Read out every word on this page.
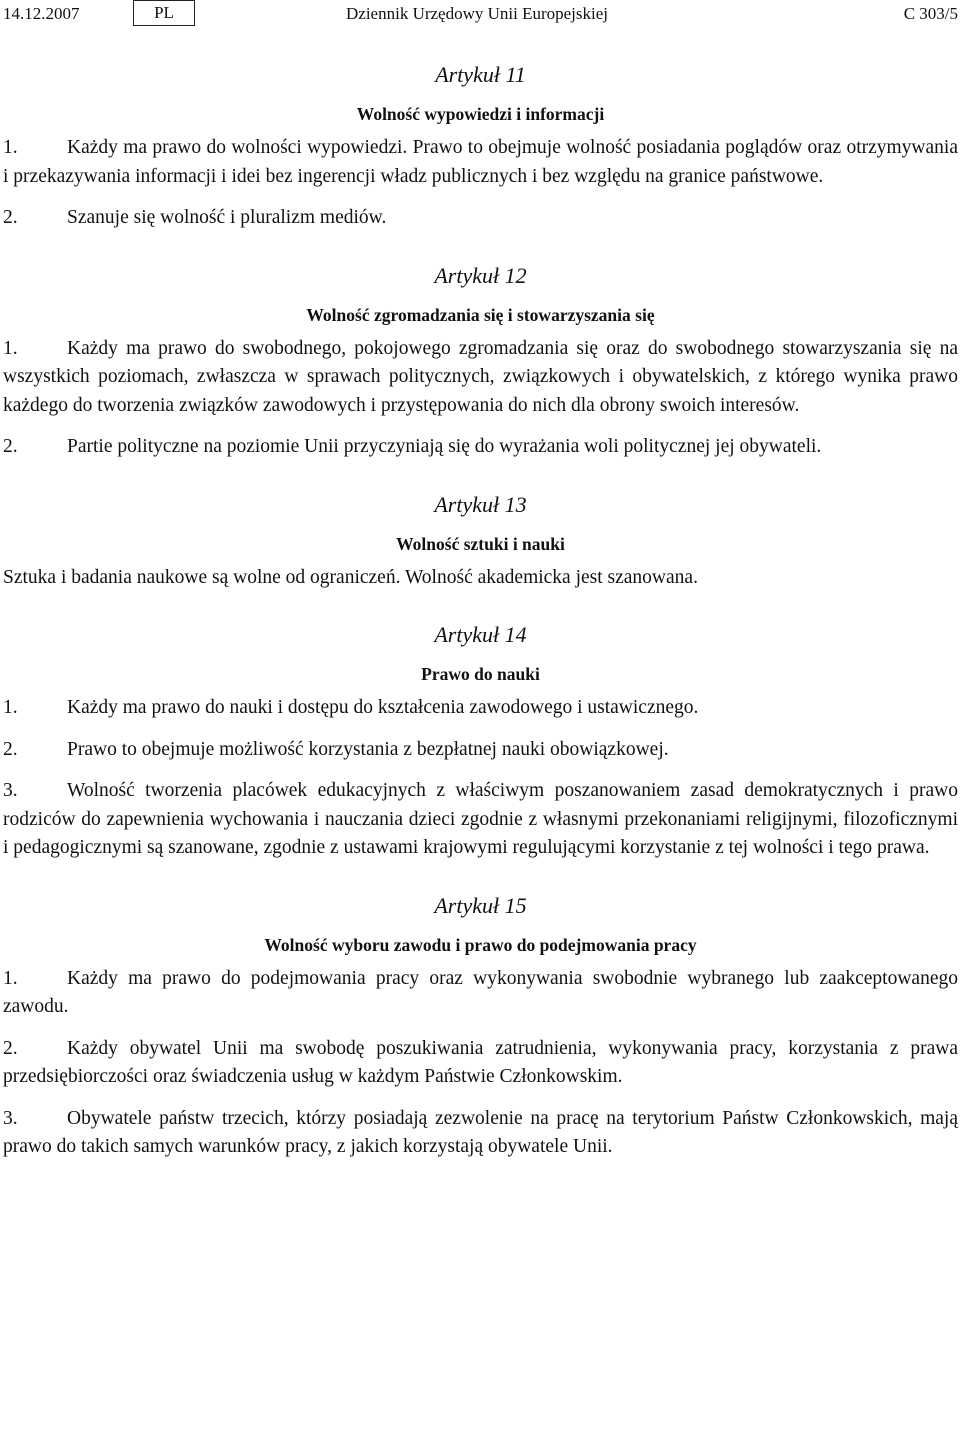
14.12.2007	PL	Dziennik Urzędowy Unii Europejskiej	C 303/5
Artykuł 11
Wolność wypowiedzi i informacji
1.	Każdy ma prawo do wolności wypowiedzi. Prawo to obejmuje wolność posiadania poglądów oraz otrzymywania i przekazywania informacji i idei bez ingerencji władz publicznych i bez względu na granice państwowe.
2.	Szanuje się wolność i pluralizm mediów.
Artykuł 12
Wolność zgromadzania się i stowarzyszania się
1.	Każdy ma prawo do swobodnego, pokojowego zgromadzania się oraz do swobodnego stowarzyszania się na wszystkich poziomach, zwłaszcza w sprawach politycznych, związkowych i obywatelskich, z którego wynika prawo każdego do tworzenia związków zawodowych i przystępowania do nich dla obrony swoich interesów.
2.	Partie polityczne na poziomie Unii przyczyniają się do wyrażania woli politycznej jej obywateli.
Artykuł 13
Wolność sztuki i nauki
Sztuka i badania naukowe są wolne od ograniczeń. Wolność akademicka jest szanowana.
Artykuł 14
Prawo do nauki
1.	Każdy ma prawo do nauki i dostępu do kształcenia zawodowego i ustawicznego.
2.	Prawo to obejmuje możliwość korzystania z bezpłatnej nauki obowiązkowej.
3.	Wolność tworzenia placówek edukacyjnych z właściwym poszanowaniem zasad demokratycznych i prawo rodziców do zapewnienia wychowania i nauczania dzieci zgodnie z własnymi przekonaniami religijnymi, filozoficznymi i pedagogicznymi są szanowane, zgodnie z ustawami krajowymi regulującymi korzystanie z tej wolności i tego prawa.
Artykuł 15
Wolność wyboru zawodu i prawo do podejmowania pracy
1.	Każdy ma prawo do podejmowania pracy oraz wykonywania swobodnie wybranego lub zaakceptowanego zawodu.
2.	Każdy obywatel Unii ma swobodę poszukiwania zatrudnienia, wykonywania pracy, korzystania z prawa przedsiębiorczości oraz świadczenia usług w każdym Państwie Członkowskim.
3.	Obywatele państw trzecich, którzy posiadają zezwolenie na pracę na terytorium Państw Członkowskich, mają prawo do takich samych warunków pracy, z jakich korzystają obywatele Unii.
